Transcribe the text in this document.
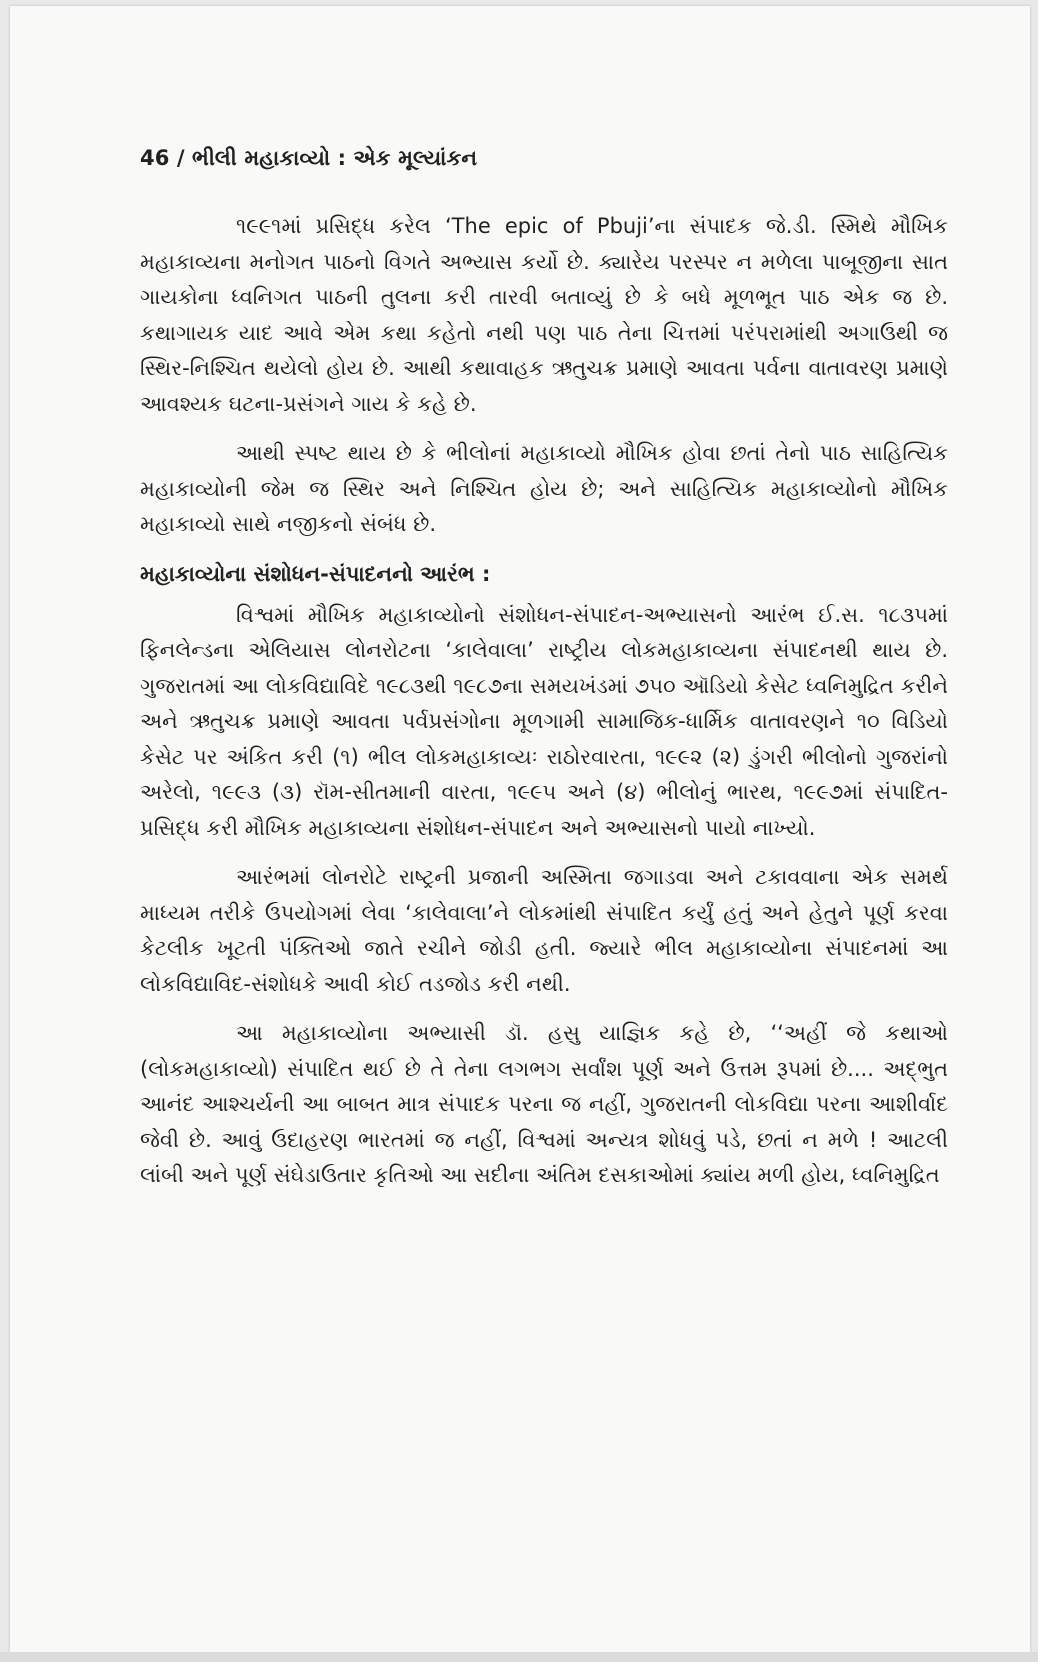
46 / ભીલી મહાકાવ્યો : એક મૂલ્યાંકન

૧૯૯૧માં પ્રસિદ્ધ કરેલ ‘The epic of Pbuji’ના સંપાદક જે.ડી. સ્મિથે મૌખિક મહાકાવ્યના મનોગત પાઠનો વિગતે અભ્યાસ કર્યો છે. ક્યારેય પરસ્પર ન મળેલા પાબૂજીના સાત ગાયકોના ધ્વનિગત પાઠની તુલના કરી તારવી બતાવ્યું છે કે બધે મૂળભૂત પાઠ એક જ છે. કથાગાયક યાદ આવે એમ કથા કહેતો નથી પણ પાઠ તેના ચિત્તમાં પરંપરામાંથી અગાઉથી જ સ્થિર-નિશ્ચિત થયેલો હોય છે. આથી કથાવાહક ઋતુચક્ર પ્રમાણે આવતા પર્વના વાતાવરણ પ્રમાણે આવશ્યક ઘટના-પ્રસંગને ગાય કે કહે છે.

આથી સ્પષ્ટ થાય છે કે ભીલોનાં મહાકાવ્યો મૌખિક હોવા છતાં તેનો પાઠ સાહિત્યિક મહાકાવ્યોની જેમ જ સ્થિર અને નિશ્ચિત હોય છે; અને સાહિત્યિક મહાકાવ્યોનો મૌખિક મહાકાવ્યો સાથે નજીકનો સંબંધ છે.

મહાકાવ્યોના સંશોધન-સંપાદનનો આરંભ :

વિશ્વમાં મૌખિક મહાકાવ્યોનો સંશોધન-સંપાદન-અભ્યાસનો આરંભ ઈ.સ. ૧૮૩૫માં ફિનલેન્ડના એલિયાસ લોનરોટના ‘કાલેવાલા’ રાષ્ટ્રીય લોકમહાકાવ્યના સંપાદનથી થાય છે. ગુજરાતમાં આ લોકવિદ્યાવિદે ૧૯૮૩થી ૧૯૮૭ના સમયખંડમાં ૭૫૦ ઑડિયો કેસેટ ધ્વનિમુદ્રિત કરીને અને ઋતુચક્ર પ્રમાણે આવતા પર્વપ્રસંગોના મૂળગામી સામાજિક-ધાર્મિક વાતાવરણને ૧૦ વિડિયો કેસેટ પર અંકિત કરી (૧) ભીલ લોકમહાકાવ્યઃ રાઠોરવારતા, ૧૯૯૨ (૨) ડુંગરી ભીલોનો ગુજરાંનો અરેલો, ૧૯૯૩ (૩) રૉમ-સીતમાની વારતા, ૧૯૯૫ અને (૪) ભીલોનું ભારથ, ૧૯૯૭માં સંપાદિત-પ્રસિદ્ધ કરી મૌખિક મહાકાવ્યના સંશોધન-સંપાદન અને અભ્યાસનો પાયો નાખ્યો.

આરંભમાં લોનરોટે રાષ્ટ્રની પ્રજાની અસ્મિતા જગાડવા અને ટકાવવાના એક સમર્થ માધ્યમ તરીકે ઉપયોગમાં લેવા ‘કાલેવાલા’ને લોકમાંથી સંપાદિત કર્યું હતું અને હેતુને પૂર્ણ કરવા કેટલીક ખૂટતી પંક્તિઓ જાતે રચીને જોડી હતી. જ્યારે ભીલ મહાકાવ્યોના સંપાદનમાં આ લોકવિદ્યાવિદ-સંશોધકે આવી કોઈ તડજોડ કરી નથી.

આ મહાકાવ્યોના અભ્યાસી ડૉ. હસુ યાજ્ઞિક કહે છે, ‘‘અહીં જે કથાઓ (લોકમહાકાવ્યો) સંપાદિત થઈ છે તે તેના લગભગ સર્વાંશ પૂર્ણ અને ઉત્તમ રૂપમાં છે.... અદ્ભુત આનંદ આશ્ચર્યની આ બાબત માત્ર સંપાદક પરના જ નહીં, ગુજરાતની લોકવિદ્યા પરના આશીર્વાદ જેવી છે. આવું ઉદાહરણ ભારતમાં જ નહીં, વિશ્વમાં અન્યત્ર શોધવું પડે, છતાં ન મળે ! આટલી લાંબી અને પૂર્ણ સંઘેડાઉતાર કૃતિઓ આ સદીના અંતિમ દસકાઓમાં ક્યાંય મળી હોય, ધ્વનિમુદ્રિત
